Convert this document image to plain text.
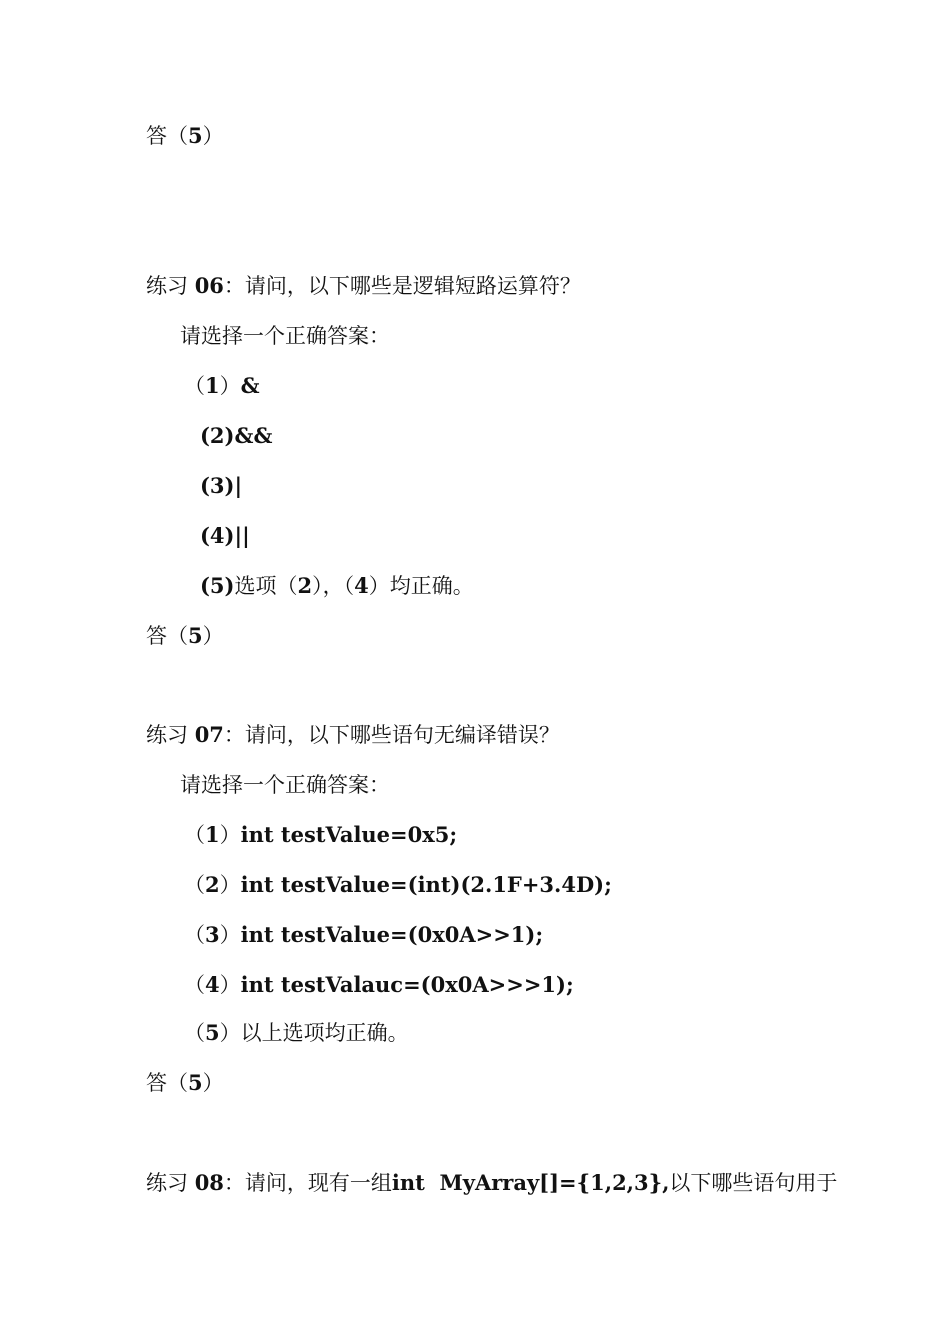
答（5）
练习 06：请问，以下哪些是逻辑短路运算符？
请选择一个正确答案：
（1）&
(2)&&
(3)|
(4)||
(5)选项（2），（4）均正确。
答（5）
练习 07：请问，以下哪些语句无编译错误？
请选择一个正确答案：
（1）int testValue=0x5;
（2）int testValue=(int)(2.1F+3.4D);
（3）int testValue=(0x0A>>1);
（4）int testValauc=(0x0A>>>1);
（5）以上选项均正确。
答（5）
练习 08：请问，现有一组int  MyArray[]={1,2,3},以下哪些语句用于
